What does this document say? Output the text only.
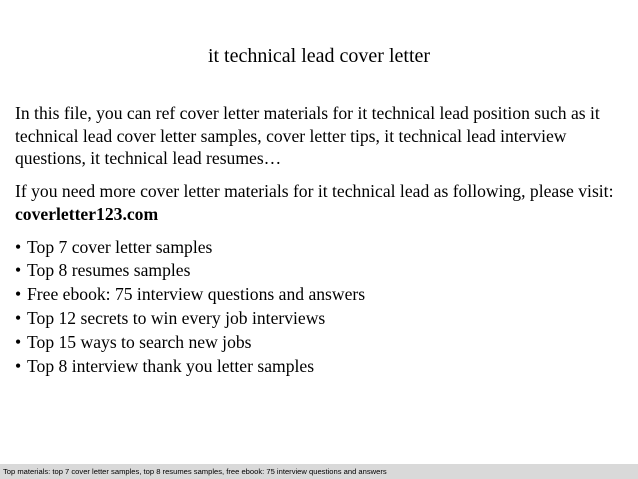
it technical lead cover letter

In this file, you can ref cover letter materials for it technical lead position such as it technical lead cover letter samples, cover letter tips, it technical lead interview questions, it technical lead resumes…

If you need more cover letter materials for it technical lead as following, please visit: coverletter123.com

• Top 7 cover letter samples
• Top 8 resumes samples
• Free ebook: 75 interview questions and answers
• Top 12 secrets to win every job interviews
• Top 15 ways to search new jobs
• Top 8 interview thank you letter samples
Top materials: top 7 cover letter samples, top 8 resumes samples, free ebook: 75 interview questions and answers
